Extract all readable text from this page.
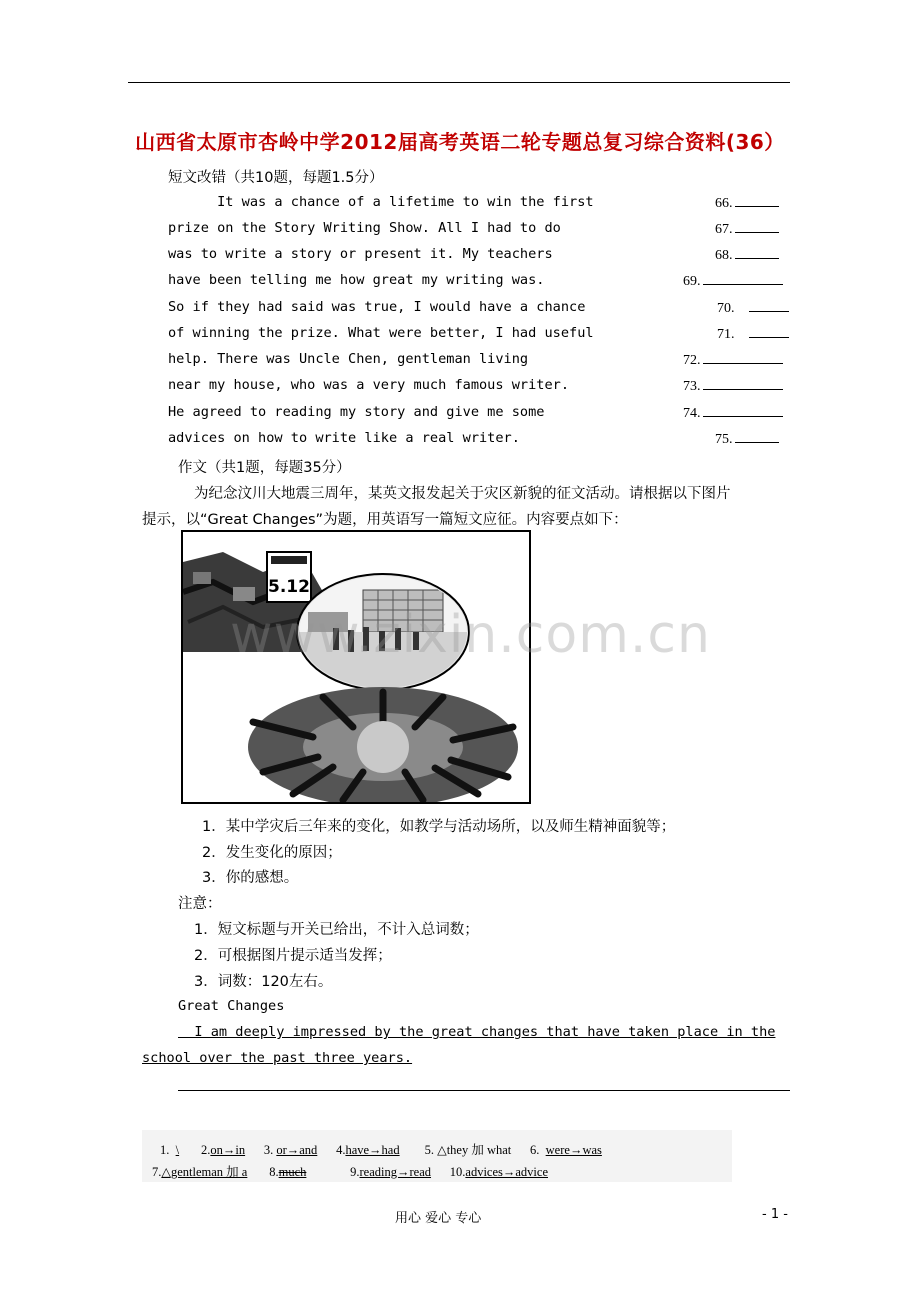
山西省太原市杏岭中学2012届高考英语二轮专题总复习综合资料(36）
短文改错（共10题，每题1.5分）
It was a chance of a lifetime to win the first
prize on the Story Writing Show. All I had to do
was to write a story or present it. My teachers
have been telling me how great my writing was.
So if they had said was true, I would have a chance
of winning the prize. What were better, I had useful
help. There was Uncle Chen, gentleman living
near my house, who was a very much famous writer.
He agreed to reading my story and give me some
advices on how to write like a real writer.
66.
67.
68.
69.
70.
71.
72.
73.
74.
75.
作文（共1题，每题35分）
为纪念汶川大地震三周年，某英文报发起关于灾区新貌的征文活动。请根据以下图片
提示，以“Great Changes”为题，用英语写一篇短文应征。内容要点如下：
5.12
www.zixin.com.cn
1．某中学灾后三年来的变化，如教学与活动场所，以及师生精神面貌等；
2．发生变化的原因；
3．你的感想。
注意：
1．短文标题与开关已给出，不计入总词数；
2．可根据图片提示适当发挥；
3．词数：120左右。
Great Changes
I am deeply impressed by the great changes that have taken place in the
school over the past three years.
1. \ 2.on→in 3. or→and 4.have→had 5. △they 加 what 6. were→was
7.△gentleman 加 a 8.much	9.reading→read 10.advices→advice
用心 爱心 专心	- 1 -
